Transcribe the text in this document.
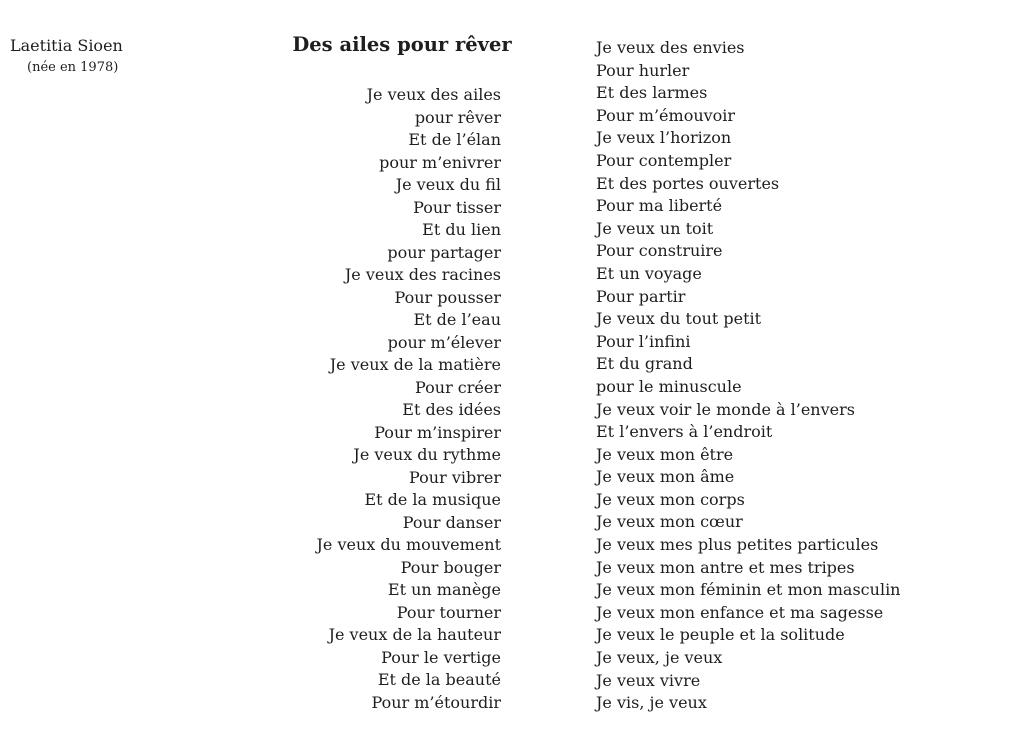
Laetitia Sioen
(née en 1978)
Des ailes pour rêver
Je veux des ailes
pour rêver
Et de l’élan
pour m’enivrer
Je veux du fil
Pour tisser
Et du lien
pour partager
Je veux des racines
Pour pousser
Et de l’eau
pour m’élever
Je veux de la matière
Pour créer
Et des idées
Pour m’inspirer
Je veux du rythme
Pour vibrer
Et de la musique
Pour danser
Je veux du mouvement
Pour bouger
Et un manège
Pour tourner
Je veux de la hauteur
Pour le vertige
Et de la beauté
Pour m’étourdir
Je veux des envies
Pour hurler
Et des larmes
Pour m’émouvoir
Je veux l’horizon
Pour contempler
Et des portes ouvertes
Pour ma liberté
Je veux un toit
Pour construire
Et un voyage
Pour partir
Je veux du tout petit
Pour l’infini
Et du grand
pour le minuscule
Je veux voir le monde à l’envers
Et l’envers à l’endroit
Je veux mon être
Je veux mon âme
Je veux mon corps
Je veux mon cœur
Je veux mes plus petites particules
Je veux mon antre et mes tripes
Je veux mon féminin et mon masculin
Je veux mon enfance et ma sagesse
Je veux le peuple et la solitude
Je veux, je veux
Je veux vivre
Je vis, je veux
